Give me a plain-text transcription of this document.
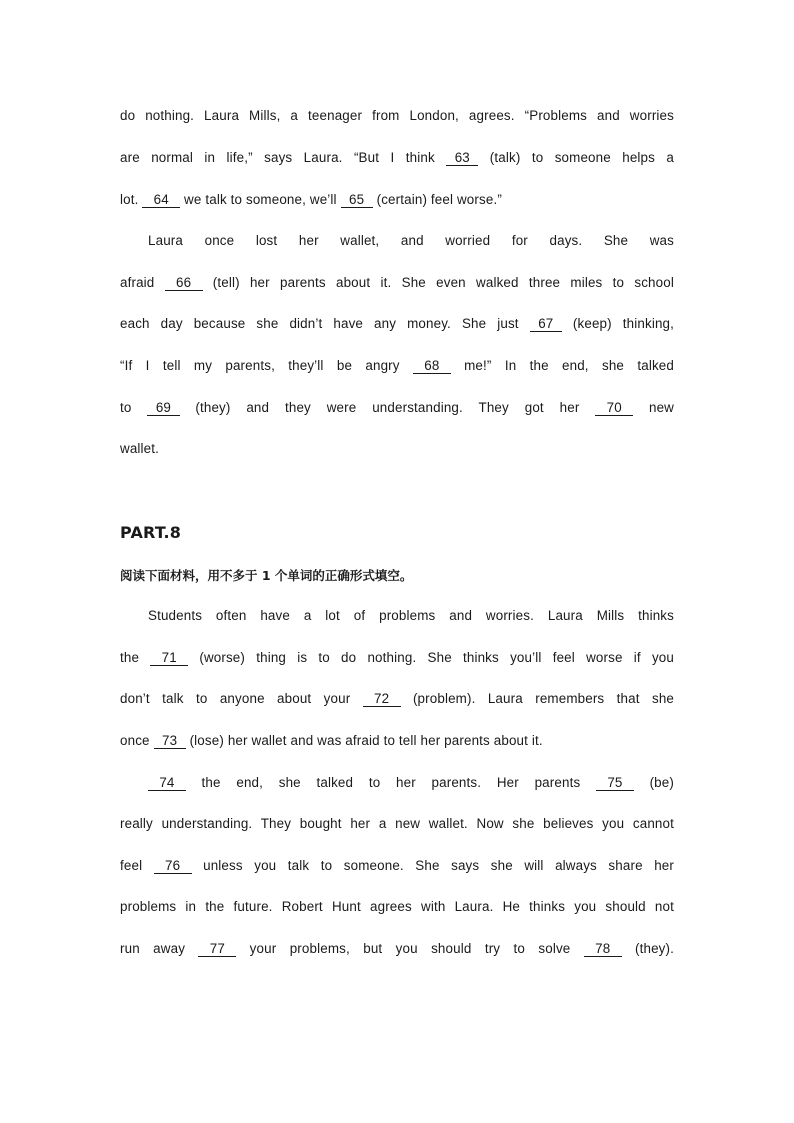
do nothing. Laura Mills, a teenager from London, agrees. “Problems and worries
are normal in life,” says Laura. “But I think    63    (talk) to someone helps a
lot.     64     we talk to someone, we’ll    65    (certain) feel worse.”
Laura once lost her wallet, and worried for days. She was
afraid     66     (tell) her parents about it. She even walked three miles to school
each day because she didn’t have any money. She just    67    (keep) thinking,
“If I tell my parents, they’ll be angry     68     me!” In the end, she talked
to    69    (they) and they were understanding. They got her     70     new
wallet.
PART.8
阅读下面材料，用不多于 1 个单词的正确形式填空。
Students often have a lot of problems and worries. Laura Mills thinks
the     71     (worse) thing is to do nothing. She thinks you’ll feel worse if you
don’t talk to anyone about your     72     (problem). Laura remembers that she
once    73    (lose) her wallet and was afraid to tell her parents about it.
    74     the end, she talked to her parents. Her parents     75     (be)
really understanding. They bought her a new wallet. Now she believes you cannot
feel     76     unless you talk to someone. She says she will always share her
problems in the future. Robert Hunt agrees with Laura. He thinks you should not
run away     77     your problems, but you should try to solve     78     (they).
